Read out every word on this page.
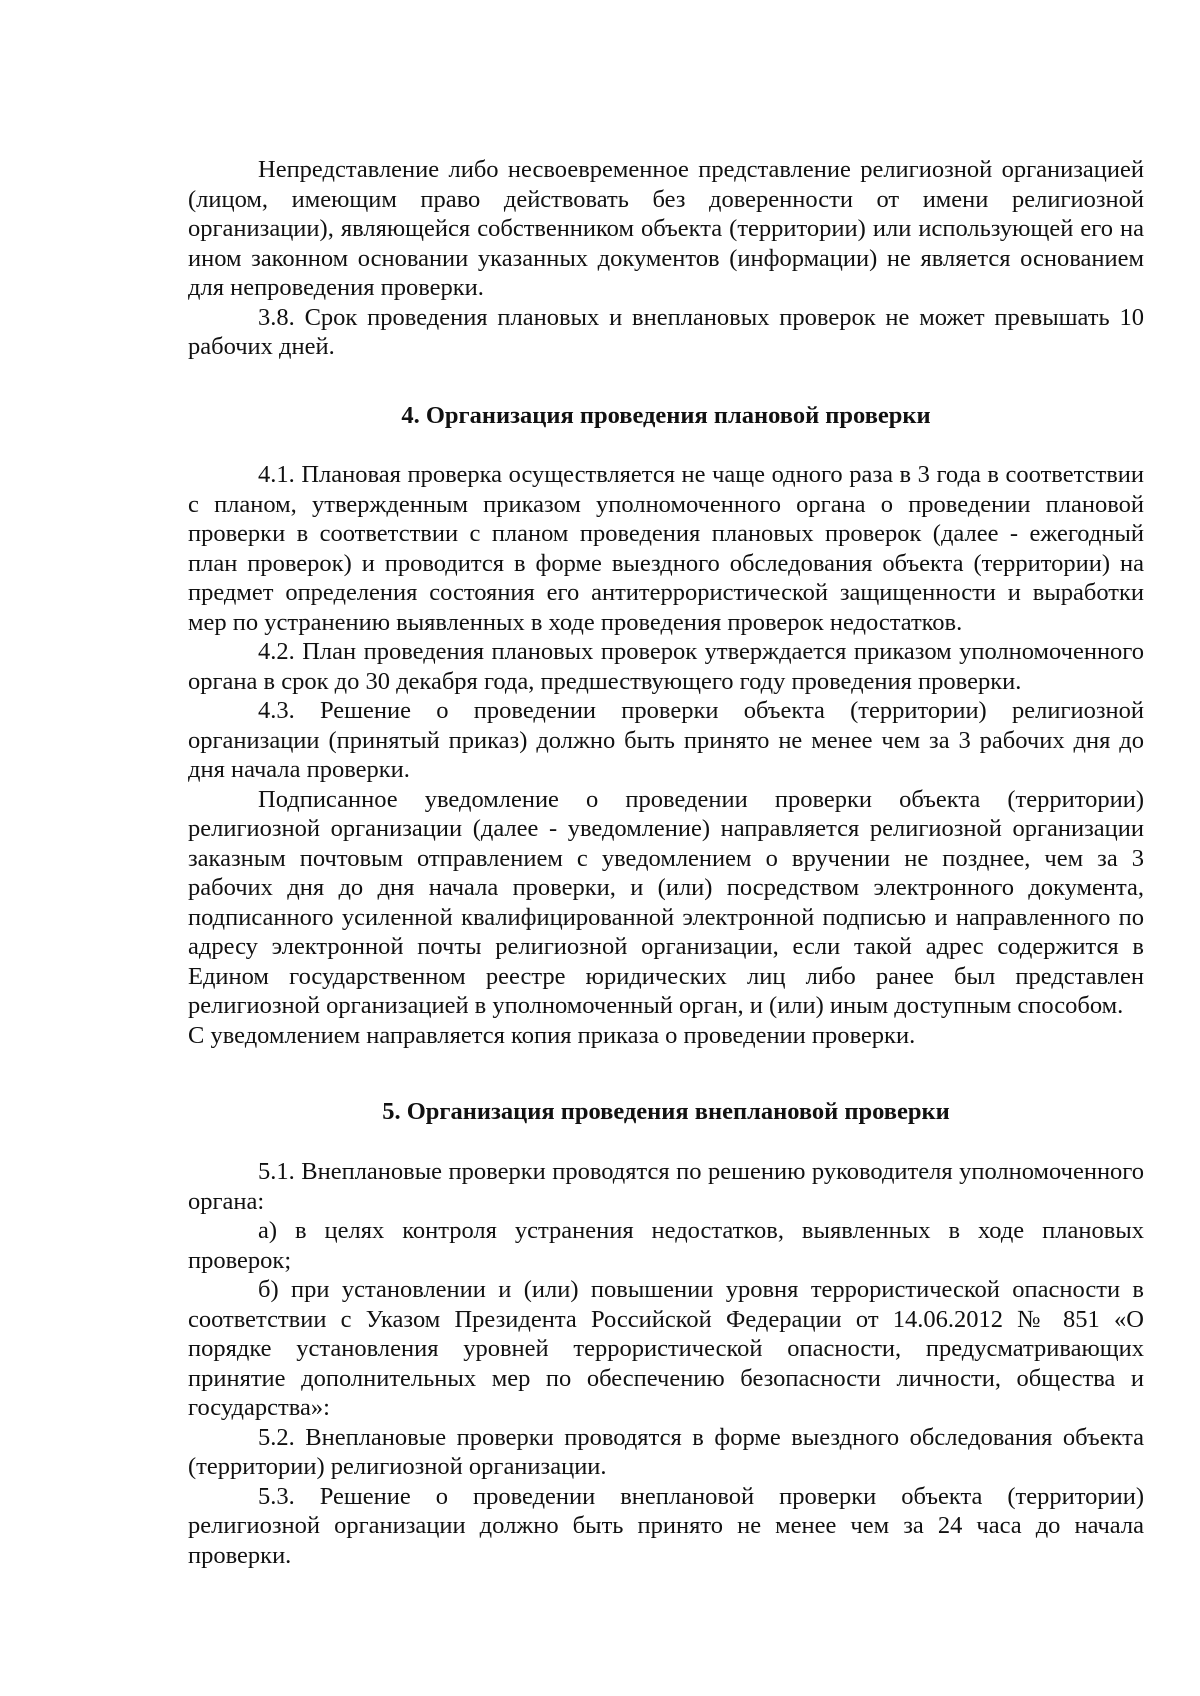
Непредставление либо несвоевременное представление религиозной организацией (лицом, имеющим право действовать без доверенности от имени религиозной организации), являющейся собственником объекта (территории) или использующей его на ином законном основании указанных документов (информации) не является основанием для непроведения проверки.

3.8. Срок проведения плановых и внеплановых проверок не может превышать 10 рабочих дней.

4. Организация проведения плановой проверки

4.1. Плановая проверка осуществляется не чаще одного раза в 3 года в соответствии с планом, утвержденным приказом уполномоченного органа о проведении плановой проверки в соответствии с планом проведения плановых проверок (далее - ежегодный план проверок) и проводится в форме выездного обследования объекта (территории) на предмет определения состояния его антитеррористической защищенности и выработки мер по устранению выявленных в ходе проведения проверок недостатков.

4.2. План проведения плановых проверок утверждается приказом уполномоченного органа в срок до 30 декабря года, предшествующего году проведения проверки.

4.3. Решение о проведении проверки объекта (территории) религиозной организации (принятый приказ) должно быть принято не менее чем за 3 рабочих дня до дня начала проверки.

Подписанное уведомление о проведении проверки объекта (территории) религиозной организации (далее - уведомление) направляется религиозной организации заказным почтовым отправлением с уведомлением о вручении не позднее, чем за 3 рабочих дня до дня начала проверки, и (или) посредством электронного документа, подписанного усиленной квалифицированной электронной подписью и направленного по адресу электронной почты религиозной организации, если такой адрес содержится в Едином государственном реестре юридических лиц либо ранее был представлен религиозной организацией в уполномоченный орган, и (или) иным доступным способом.

С уведомлением направляется копия приказа о проведении проверки.

5. Организация проведения внеплановой проверки

5.1. Внеплановые проверки проводятся по решению руководителя уполномоченного органа:

а) в целях контроля устранения недостатков, выявленных в ходе плановых проверок;

б) при установлении и (или) повышении уровня террористической опасности в соответствии с Указом Президента Российской Федерации от 14.06.2012 № 851 «О порядке установления уровней террористической опасности, предусматривающих принятие дополнительных мер по обеспечению безопасности личности, общества и государства»:

5.2. Внеплановые проверки проводятся в форме выездного обследования объекта (территории) религиозной организации.

5.3. Решение о проведении внеплановой проверки объекта (территории) религиозной организации должно быть принято не менее чем за 24 часа до начала проверки.
